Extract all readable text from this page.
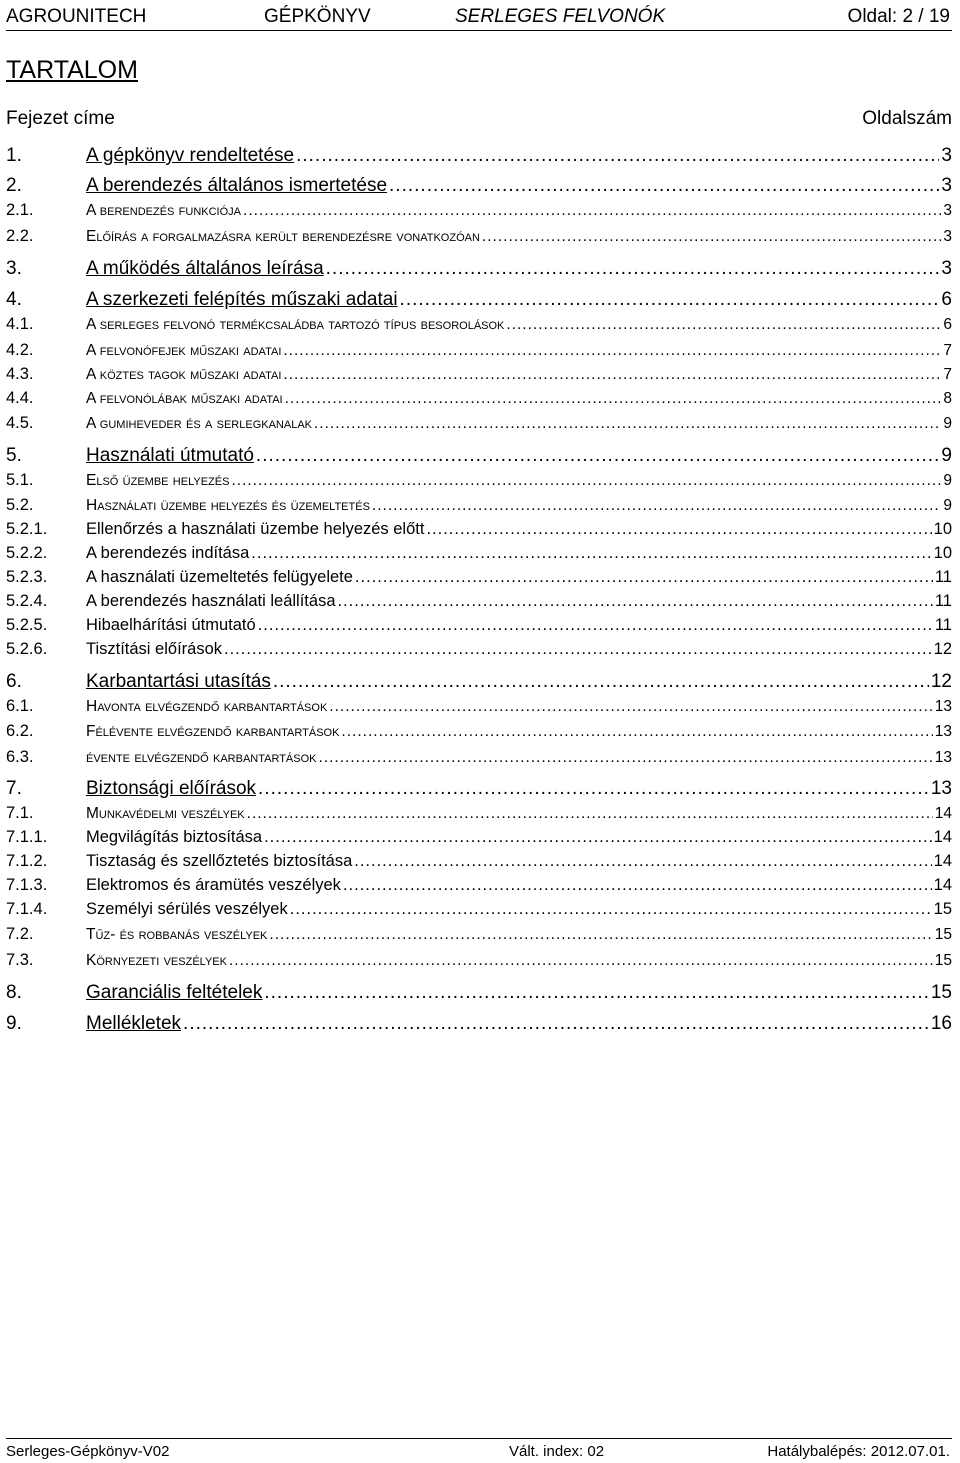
AGROUNITECH	GÉPKÖNYV	SERLEGES FELVONÓK	Oldal: 2 / 19
TARTALOM
Fejezet címe	Oldalszám
1.	A gépkönyv rendeltetése .....	3
2.	A berendezés általános ismertetése .....	3
2.1.	A berendezés funkciója .....	3
2.2.	Előírás a forgalmazásra került berendezésre vonatkozóan .....	3
3.	A működés általános leírása .....	3
4.	A szerkezeti felépítés műszaki adatai .....	6
4.1.	A serleges felvonó termékcsaládba tartozó típus besorolások .....	6
4.2.	A felvonófejek műszaki adatai .....	7
4.3.	A köztes tagok műszaki adatai .....	7
4.4.	A felvonólábak műszaki adatai .....	8
4.5.	A gumiheveder és a serlegkanalak .....	9
5.	Használati útmutató .....	9
5.1.	Első üzembe helyezés .....	9
5.2.	Használati üzembe helyezés és üzemeltetés .....	9
5.2.1.	Ellenőrzés a használati üzembe helyezés előtt .....	10
5.2.2.	A berendezés indítása .....	10
5.2.3.	A használati üzemeltetés felügyelete .....	11
5.2.4.	A berendezés használati leállítása .....	11
5.2.5.	Hibaelhárítási útmutató .....	11
5.2.6.	Tisztítási előírások .....	12
6.	Karbantartási utasítás .....	12
6.1.	Havonta elvégzendő karbantartások .....	13
6.2.	Félévente elvégzendő karbantartások .....	13
6.3.	évente elvégzendő karbantartások .....	13
7.	Biztonsági előírások .....	13
7.1.	Munkavédelmi veszélyek .....	14
7.1.1.	Megvilágítás biztosítása .....	14
7.1.2.	Tisztaság és szellőztetés biztosítása .....	14
7.1.3.	Elektromos és áramütés veszélyek .....	14
7.1.4.	Személyi sérülés veszélyek .....	15
7.2.	Tűz- és robbanás veszélyek .....	15
7.3.	Környezeti veszélyek .....	15
8.	Garanciális feltételek .....	15
9.	Mellékletek .....	16
Serleges-Gépkönyv-V02	Vált. index: 02	Hatálybalépés: 2012.07.01.
